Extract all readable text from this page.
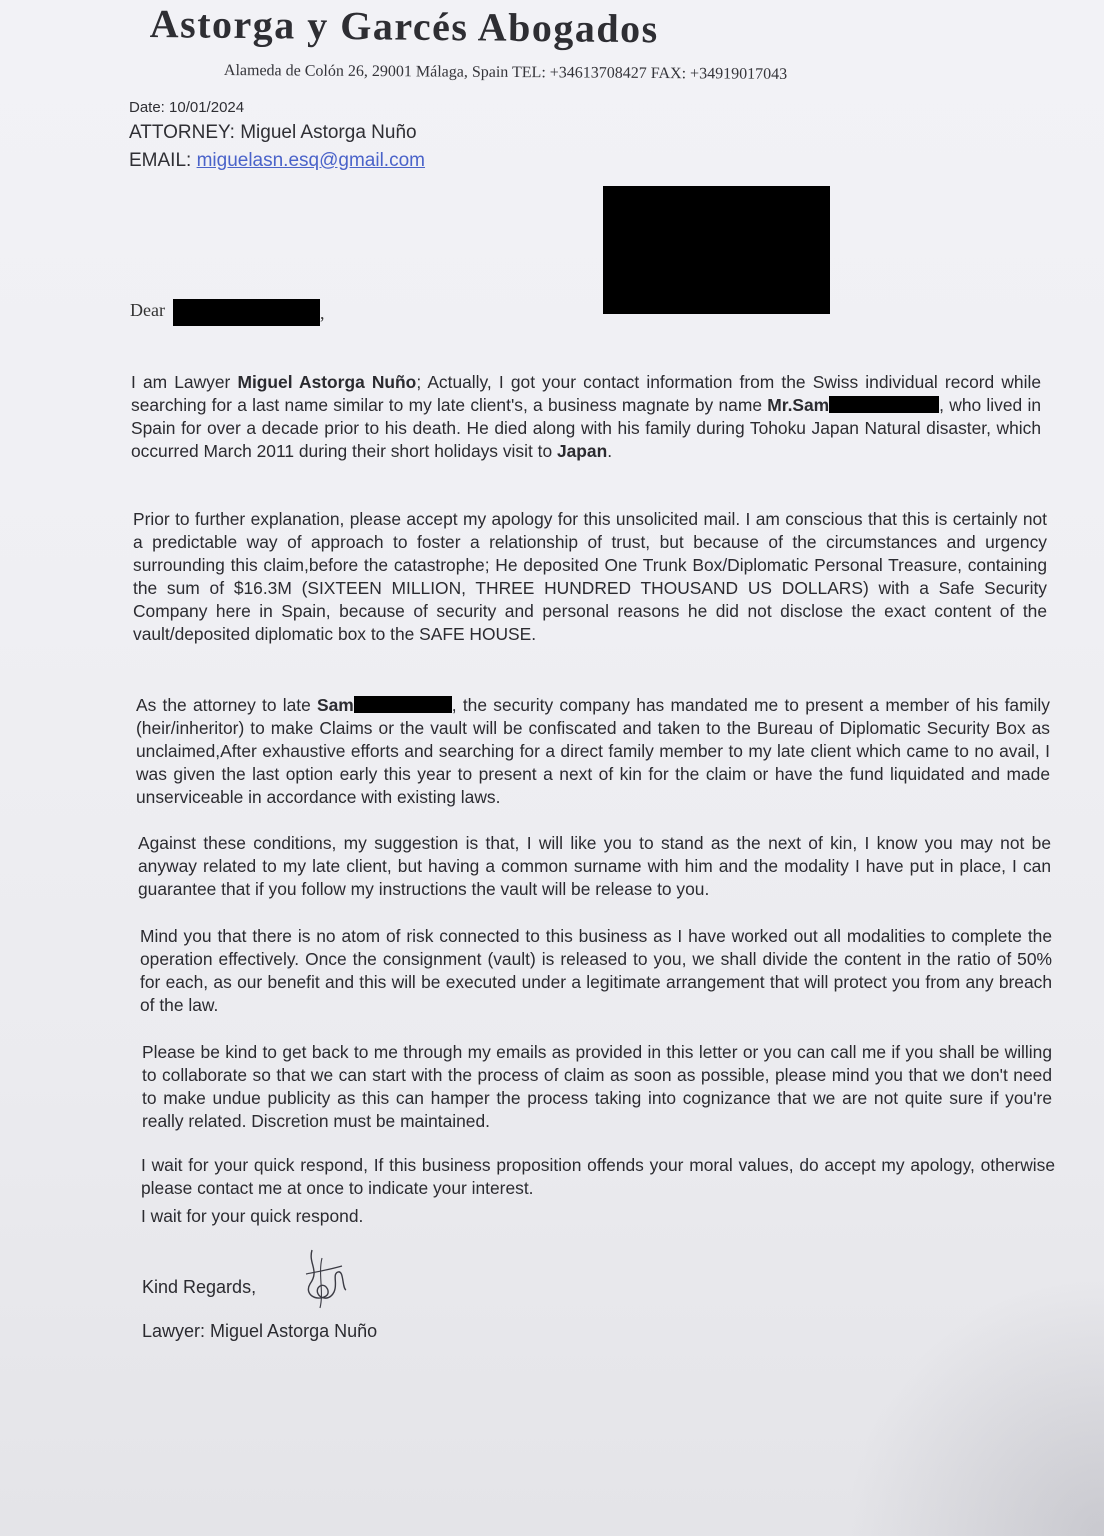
Astorga y Garcés Abogados
Alameda de Colón 26, 29001 Málaga, Spain TEL: +34613708427 FAX: +34919017043
Date: 10/01/2024
ATTORNEY: Miguel Astorga Nuño
EMAIL: miguelasn.esq@gmail.com
Dear	,

I am Lawyer Miguel Astorga Nuño; Actually, I got your contact information from the Swiss individual record while searching for a last name similar to my late client's, a business magnate by name Mr.Sam	, who lived in Spain for over a decade prior to his death. He died along with his family during Tohoku Japan Natural disaster, which occurred March 2011 during their short holidays visit to Japan.

Prior to further explanation, please accept my apology for this unsolicited mail. I am conscious that this is certainly not a predictable way of approach to foster a relationship of trust, but because of the circumstances and urgency surrounding this claim,before the catastrophe; He deposited One Trunk Box/Diplomatic Personal Treasure, containing the sum of $16.3M (SIXTEEN MILLION, THREE HUNDRED THOUSAND US DOLLARS) with a Safe Security Company here in Spain, because of security and personal reasons he did not disclose the exact content of the vault/deposited diplomatic box to the SAFE HOUSE.

As the attorney to late Sam	, the security company has mandated me to present a member of his family (heir/inheritor) to make Claims or the vault will be confiscated and taken to the Bureau of Diplomatic Security Box as unclaimed,After exhaustive efforts and searching for a direct family member to my late client which came to no avail, I was given the last option early this year to present a next of kin for the claim or have the fund liquidated and made unserviceable in accordance with existing laws.

Against these conditions, my suggestion is that, I will like you to stand as the next of kin, I know you may not be anyway related to my late client, but having a common surname with him and the modality I have put in place, I can guarantee that if you follow my instructions the vault will be release to you.

Mind you that there is no atom of risk connected to this business as I have worked out all modalities to complete the operation effectively. Once the consignment (vault) is released to you, we shall divide the content in the ratio of 50% for each, as our benefit and this will be executed under a legitimate arrangement that will protect you from any breach of the law.

Please be kind to get back to me through my emails as provided in this letter or you can call me if you shall be willing to collaborate so that we can start with the process of claim as soon as possible, please mind you that we don't need to make undue publicity as this can hamper the process taking into cognizance that we are not quite sure if you're really related. Discretion must be maintained.

I wait for your quick respond, If this business proposition offends your moral values, do accept my apology, otherwise please contact me at once to indicate your interest.

I wait for your quick respond.

Kind Regards,
Lawyer: Miguel Astorga Nuño
